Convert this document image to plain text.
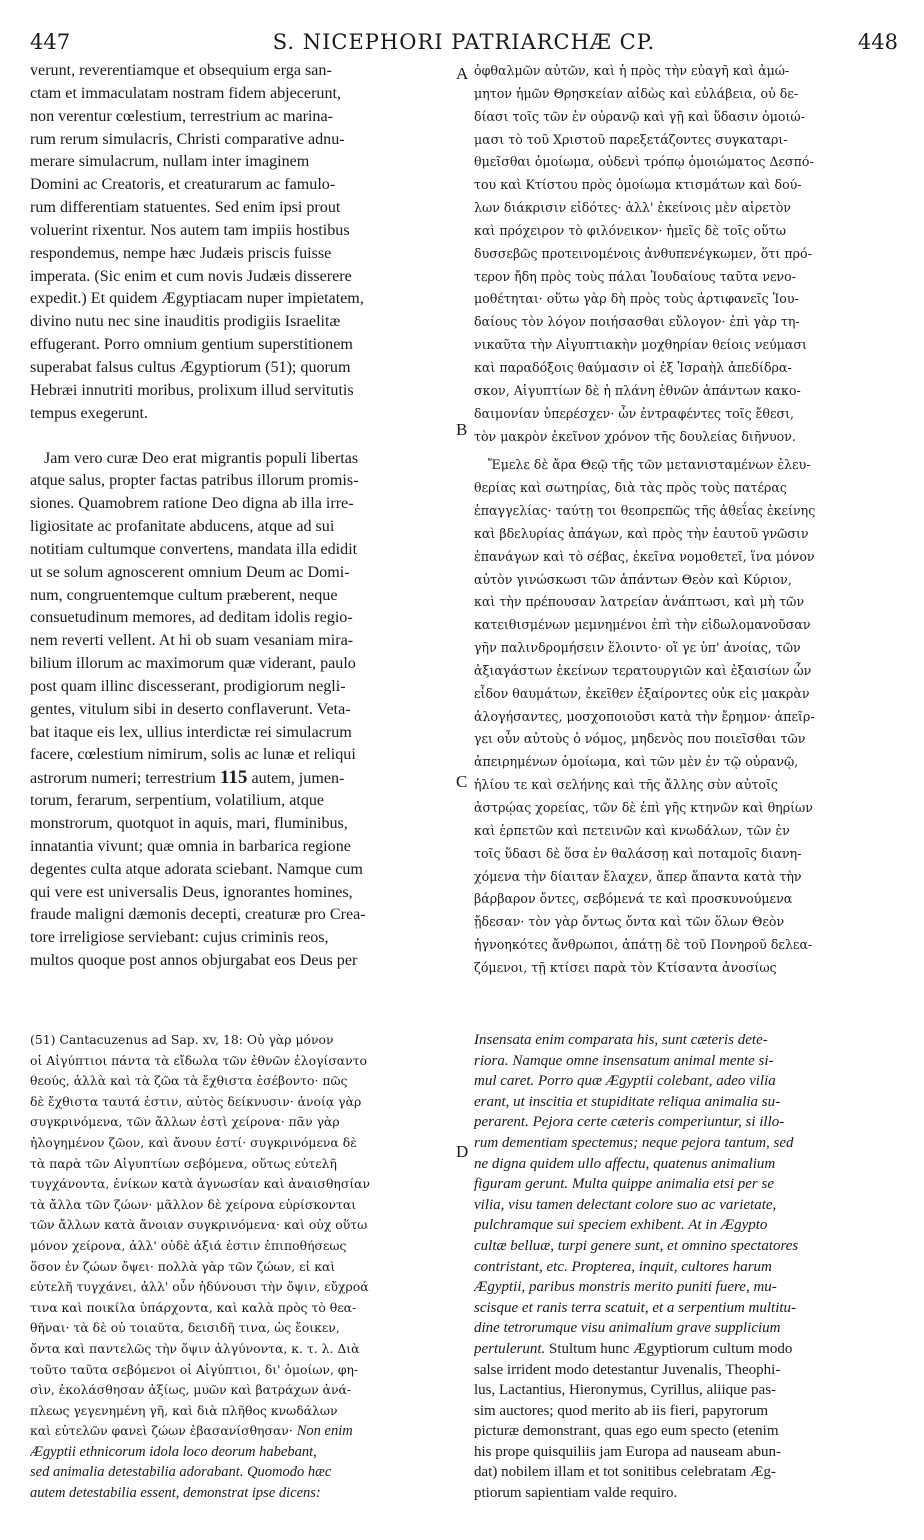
S. NICEPHORI PATRIARCHÆ CP.
447	448
verunt, reverentiamque et obsequium erga san-
ctam et immaculatam nostram fidem abjecerunt,
non verentur cœlestium, terrestrium ac marina-
rum rerum simulacris, Christi comparative adnu-
merare simulacrum, nullam inter imaginem
Domini ac Creatoris, et creaturarum ac famulo-
rum differentiam statuentes. Sed enim ipsi prout
voluerint rixentur. Nos autem tam impiis hostibus
respondemus, nempe hæc Judæis priscis fuisse
imperata. (Sic enim et cum novis Judæis disserere
expedit.) Et quidem Ægyptiacam nuper impietatem,
divino nutu nec sine inauditis prodigiis Israelitæ
effugerant. Porro omnium gentium superstitionem
superabat falsus cultus Ægyptiorum (51); quorum
Hebræi innutriti moribus, prolixum illud servitutis
tempus exegerunt.
Jam vero curæ Deo erat migrantis populi libertas
atque salus, propter factas patribus illorum promis-
siones. Quamobrem ratione Deo digna ab illa irre-
ligiositate ac profanitate abducens, atque ad sui
notitiam cultumque convertens, mandata illa edidit
ut se solum agnoscerent omnium Deum ac Domi-
num, congruentemque cultum præberent, neque
consuetudinum memores, ad deditam idolis regio-
nem reverti vellent. At hi ob suam vesaniam mira-
bilium illorum ac maximorum quæ viderant, paulo
post quam illinc discesserant, prodigiorum negli-
gentes, vitulum sibi in deserto conflaverunt. Veta-
bat itaque eis lex, ullius interdictæ rei simulacrum
facere, cœlestium nimirum, solis ac lunæ et reliqui
astrorum numeri; terrestrium 115 autem, jumen-
torum, ferarum, serpentium, volatilium, atque
monstrorum, quotquot in aquis, mari, fluminibus,
innatantia vivunt; quæ omnia in barbarica regione
degentes culta atque adorata sciebant. Namque cum
qui vere est universalis Deus, ignorantes homines,
fraude maligni dæmonis decepti, creaturæ pro Crea-
tore irreligiose serviebant: cujus criminis reos,
multos quoque post annos objurgabat eos Deus per
A
B
C
D
ὀφθαλμῶν αὐτῶν, καὶ ἡ πρὸς τὴν εὐαγῆ καὶ ἀμώ-
μητον ἡμῶν Θρησκείαν αἰδὼς καὶ εὐλάβεια, οὐ δε-
δίασι τοῖς τῶν ἐν οὐρανῷ καὶ γῇ καὶ ὕδασιν ὁμοιώ-
μασι τὸ τοῦ Χριστοῦ παρεξετάζοντες συγκαταρι-
θμεῖσθαι ὁμοίωμα, οὐδενὶ τρόπῳ ὁμοιώματος Δεσπό-
του καὶ Κτίστου πρὸς ὁμοίωμα κτισμάτων καὶ δού-
λων διάκρισιν εἰδότες· ἀλλ' ἐκείνοις μὲν αἱρετὸν
καὶ πρόχειρον τὸ φιλόνεικον· ἡμεῖς δὲ τοῖς οὕτω
δυσσεβῶς προτεινομένοις ἀνθυπενέγκωμεν, ὅτι πρό-
τερον ἤδη πρὸς τοὺς πάλαι Ἰουδαίους ταῦτα νενο-
μοθέτηται· οὕτω γὰρ δὴ πρὸς τοὺς ἀρτιφανεῖς Ἰου-
δαίους τὸν λόγον ποιήσασθαι εὔλογον· ἐπὶ γὰρ τη-
νικαῦτα τὴν Αἰγυπτιακὴν μοχθηρίαν θείοις νεύμασι
καὶ παραδόξοις θαύμασιν οἱ ἐξ Ἰσραὴλ ἀπεδίδρα-
σκον, Αἰγυπτίων δὲ ἡ πλάνη ἐθνῶν ἁπάντων κακο-
δαιμονίαν ὑπερέσχεν· ὧν ἐντραφέντες τοῖς ἔθεσι,
τὸν μακρὸν ἐκεῖνον χρόνον τῆς δουλείας διῆνυον.
Ἔμελε δὲ ἄρα Θεῷ τῆς τῶν μετανισταμένων ἐλευ-
θερίας καὶ σωτηρίας, διὰ τὰς πρὸς τοὺς πατέρας
ἐπαγγελίας· ταύτῃ τοι θεοπρεπῶς τῆς ἀθεΐας ἐκείνης
καὶ βδελυρίας ἀπάγων, καὶ πρὸς τὴν ἑαυτοῦ γνῶσιν
ἐπανάγων καὶ τὸ σέβας, ἐκεῖνα νομοθετεῖ, ἵνα μόνον
αὐτὸν γινώσκωσι τῶν ἁπάντων Θεὸν καὶ Κύριον,
καὶ τὴν πρέπουσαν λατρείαν ἀνάπτωσι, καὶ μὴ τῶν
κατειθισμένων μεμνημένοι ἐπὶ τὴν εἰδωλομανοῦσαν
γῆν παλινδρομήσειν ἕλοιντο· οἵ γε ὑπ' ἀνοίας, τῶν
ἀξιαγάστων ἐκείνων τερατουργιῶν καὶ ἐξαισίων ὧν
εἶδον θαυμάτων, ἐκεῖθεν ἐξαίροντες οὐκ εἰς μακρὰν
ἀλογήσαντες, μοσχοποιοῦσι κατὰ τὴν ἔρημον· ἀπεῖρ-
γει οὖν αὐτοὺς ὁ νόμος, μηδενὸς που ποιεῖσθαι τῶν
ἀπειρημένων ὁμοίωμα, καὶ τῶν μὲν ἐν τῷ οὐρανῷ,
ἡλίου τε καὶ σελήνης καὶ τῆς ἄλλης σὺν αὐτοῖς
ἀστρῴας χορείας, τῶν δὲ ἐπὶ γῆς κτηνῶν καὶ θηρίων
καὶ ἑρπετῶν καὶ πετεινῶν καὶ κνωδάλων, τῶν ἐν
τοῖς ὕδασι δὲ ὅσα ἐν θαλάσσῃ καὶ ποταμοῖς διανη-
χόμενα τὴν δίαιταν ἔλαχεν, ἅπερ ἅπαντα κατὰ τὴν
βάρβαρον ὄντες, σεβόμενά τε καὶ προσκυνούμενα
ᾔδεσαν· τὸν γὰρ ὄντως ὄντα καὶ τῶν ὅλων Θεὸν
ἠγνοηκότες ἄνθρωποι, ἀπάτῃ δὲ τοῦ Πονηροῦ δελεα-
ζόμενοι, τῇ κτίσει παρὰ τὸν Κτίσαντα ἀνοσίως
(51) Cantacuzenus ad Sap. xv, 18: Οὐ γὰρ μόνον
οἱ Αἰγύπτιοι πάντα τὰ εἴδωλα τῶν ἐθνῶν ἐλογίσαντο
θεούς, ἀλλὰ καὶ τὰ ζῶα τὰ ἔχθιστα ἐσέβοντο· πῶς
δὲ ἔχθιστα ταυτά ἐστιν, αὐτὸς δείκνυσιν· ἀνοίᾳ γὰρ
συγκρινόμενα, τῶν ἄλλων ἐστὶ χείρονα· πᾶν γὰρ
ἠλογημένον ζῶον, καὶ ἄνουν ἐστί· συγκρινόμενα δὲ
τὰ παρὰ τῶν Αἰγυπτίων σεβόμενα, οὕτως εὐτελῆ
τυγχάνοντα, ἐνίκων κατὰ ἀγνωσίαν καὶ ἀναισθησίαν
τὰ ἄλλα τῶν ζώων· μᾶλλον δὲ χείρονα εὑρίσκονται
τῶν ἄλλων κατὰ ἄνοιαν συγκρινόμενα· καὶ οὐχ οὕτω
μόνον χείρονα, ἀλλ' οὐδὲ ἀξιά ἐστιν ἐπιποθήσεως
ὅσον ἐν ζώων ὄψει· πολλὰ γὰρ τῶν ζώων, εἰ καὶ
εὐτελῆ τυγχάνει, ἀλλ' οὖν ἡδύνουσι τὴν ὄψιν, εὔχροά
τινα καὶ ποικίλα ὑπάρχοντα, καὶ καλὰ πρὸς τὸ θεα-
θῆναι· τὰ δὲ οὐ τοιαῦτα, δεισιδῆ τινα, ὡς ἔοικεν,
ὄντα καὶ παντελῶς τὴν ὄψιν ἀλγύνοντα, κ. τ. λ. Διὰ
τοῦτο ταῦτα σεβόμενοι οἱ Αἰγύπτιοι, δι' ὁμοίων, φη-
σὶν, ἐκολάσθησαν ἀξίως, μυῶν καὶ βατράχων ἀνά-
πλεως γεγενημένη γῆ, καὶ διὰ πλῆθος κνωδάλων
καὶ εὐτελῶν φανεὶ ζώων ἐβασανίσθησαν· Non enim
Ægyptii ethnicorum idola loco deorum habebant,
sed animalia detestabilia adorabant. Quomodo hæc
autem detestabilia essent, demonstrat ipse dicens:
Insensata enim comparata his, sunt cæteris dete-
riora. Namque omne insensatum animal mente si-
mul caret. Porro quæ Ægyptii colebant, adeo vilia
erant, ut inscitia et stupiditate reliqua animalia su-
perarent. Pejora certe cæteris comperiuntur, si illo-
rum dementiam spectemus; neque pejora tantum, sed
ne digna quidem ullo affectu, quatenus animalium
figuram gerunt. Multa quippe animalia etsi per se
vilia, visu tamen delectant colore suo ac varietate,
pulchramque sui speciem exhibent. At in Ægypto
cultæ belluæ, turpi genere sunt, et omnino spectatores
contristant, etc. Propterea, inquit, cultores harum
Ægyptii, paribus monstris merito puniti fuere, mu-
scisque et ranis terra scatuit, et a serpentium multitu-
dine tetrorumque visu animalium grave supplicium
pertulerunt. Stultum hunc Ægyptiorum cultum modo
salse irrident modo detestantur Juvenalis, Theophi-
lus, Lactantius, Hieronymus, Cyrillus, aliique pas-
sim auctores; quod merito ab iis fieri, papyrorum
picturæ demonstrant, quas ego eum specto (etenim
his prope quisquiliis jam Europa ad nauseam abun-
dat) nobilem illam et tot sonitibus celebratam Æg-
ptiorum sapientiam valde requiro.
